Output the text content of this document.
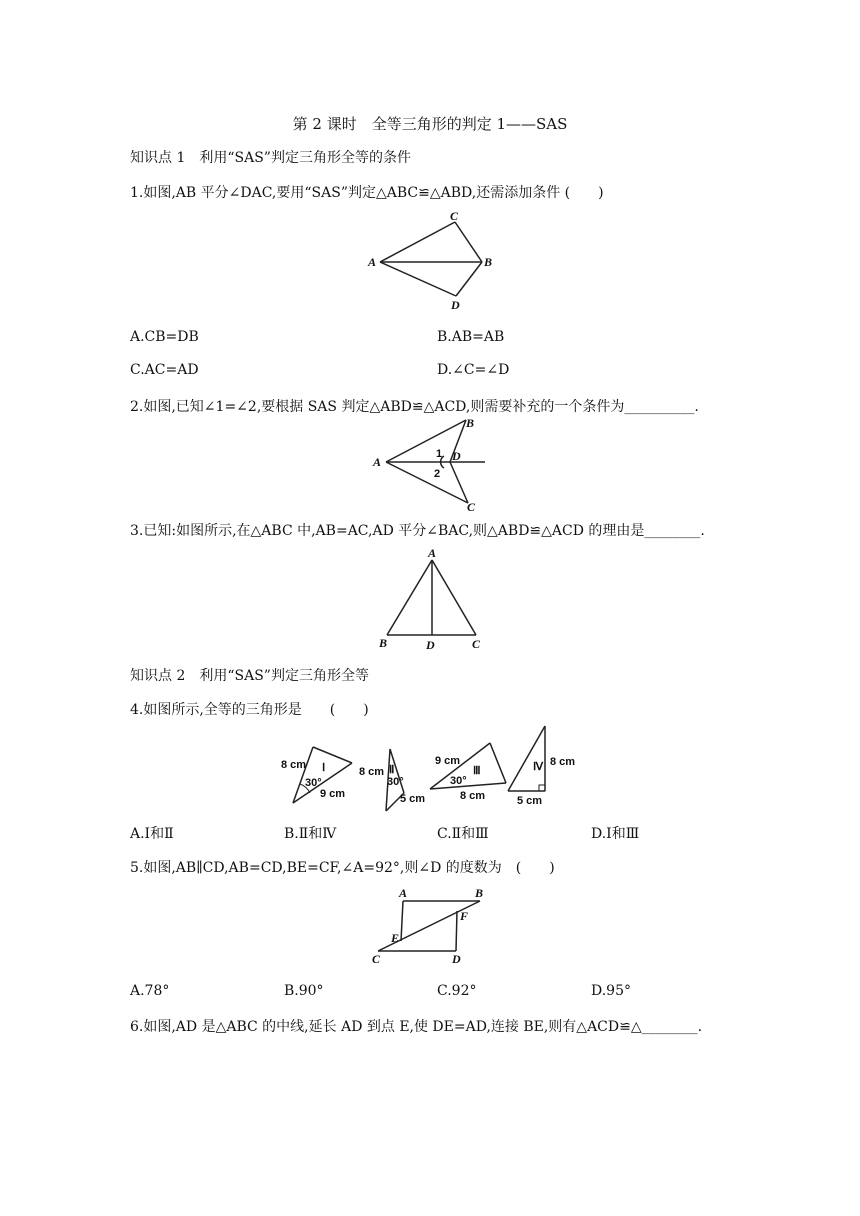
第 2 课时　全等三角形的判定 1——SAS
知识点 1　利用“SAS”判定三角形全等的条件
1.如图,AB 平分∠DAC,要用“SAS”判定△ABC≌△ABD,还需添加条件 (　　)
A	B
C
D
A.CB=DB	B.AB=AB
C.AC=AD	D.∠C=∠D
2.如图,已知∠1=∠2,要根据 SAS 判定△ABD≌△ACD,则需要补充的一个条件为__________.
A
B
C
D
1
2
3.已知:如图所示,在△ABC 中,AB=AC,AD 平分∠BAC,则△ABD≌△ACD 的理由是________.
A
B	C
D
知识点 2　利用“SAS”判定三角形全等
4.如图所示,全等的三角形是　　(　　)
8 cm
30°
9 cm
Ⅰ	8 cm
30°
5 cm
Ⅱ
9 cm
30°
8 cm
Ⅲ
8 cm
5 cm
Ⅳ
A.Ⅰ和Ⅱ	B.Ⅱ和Ⅳ	C.Ⅱ和Ⅲ	D.Ⅰ和Ⅲ
5.如图,AB∥CD,AB=CD,BE=CF,∠A=92°,则∠D 的度数为　(　　)
A	B
C	D
E
F
A.78°	B.90°	C.92°	D.95°
6.如图,AD 是△ABC 的中线,延长 AD 到点 E,使 DE=AD,连接 BE,则有△ACD≌△________.
